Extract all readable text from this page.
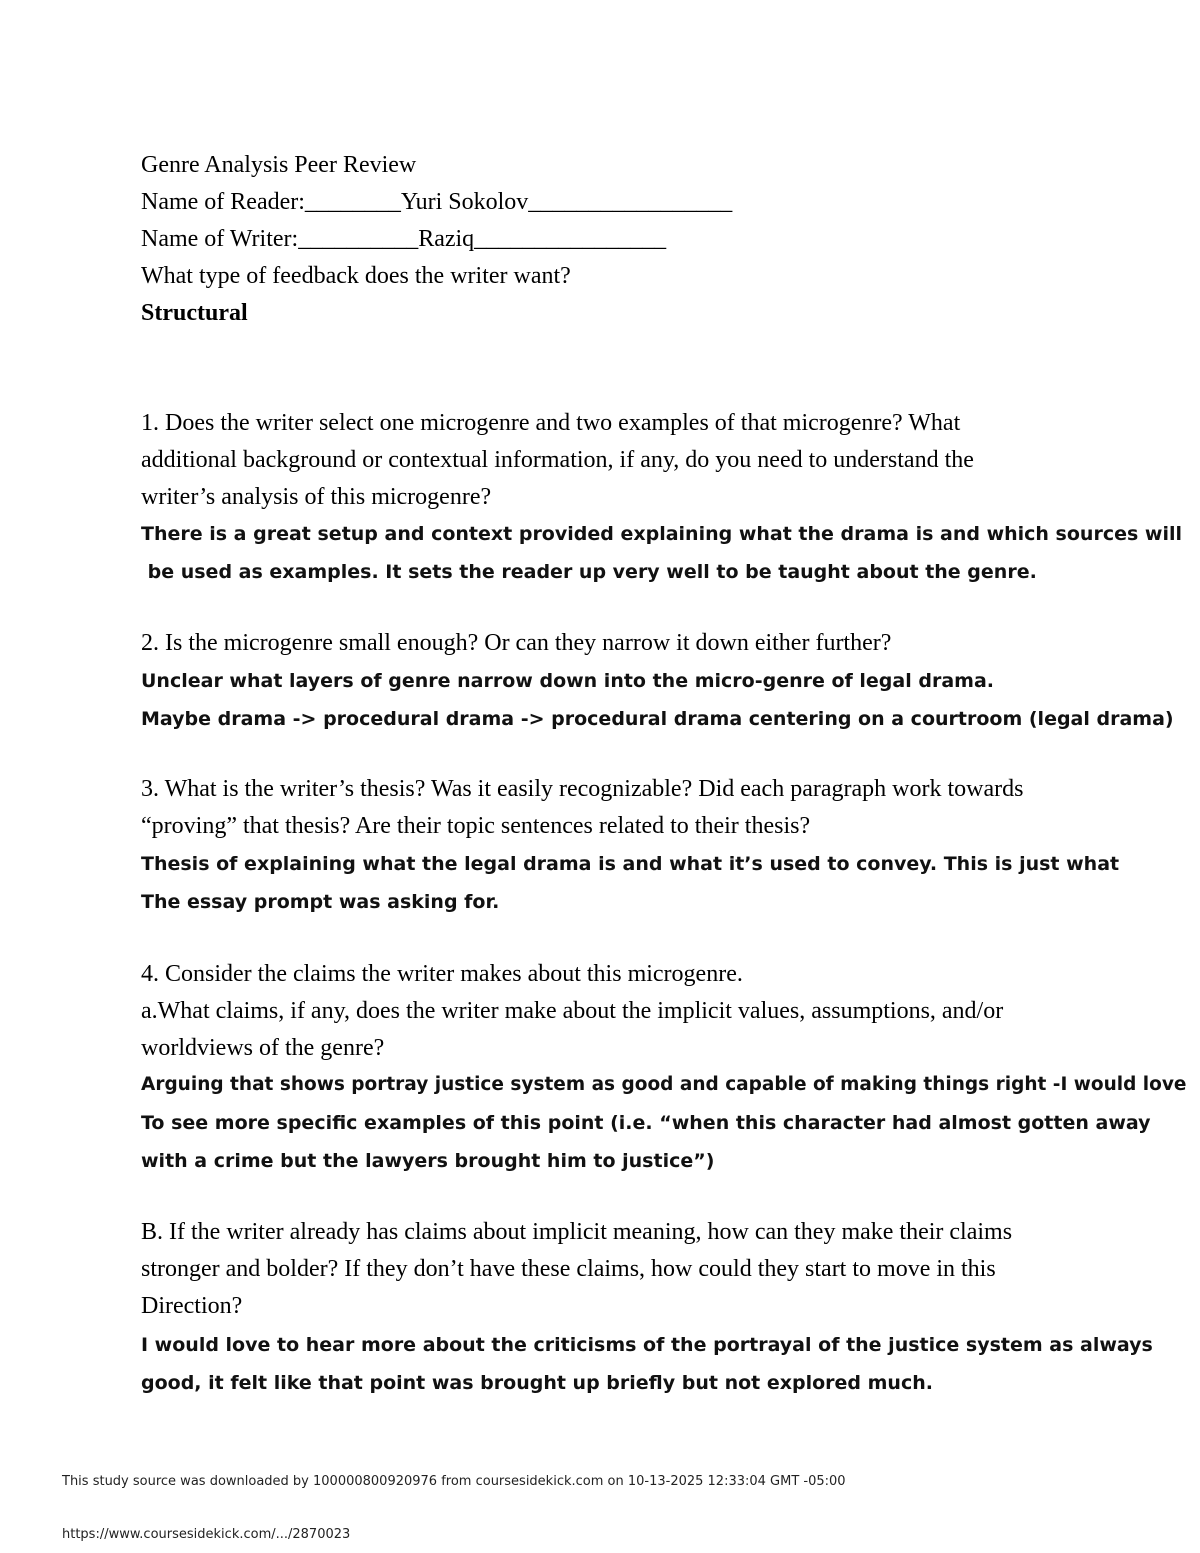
Genre Analysis Peer Review
Name of Reader:________Yuri Sokolov_________________
Name of Writer:__________Raziq________________
What type of feedback does the writer want?
Structural
1. Does the writer select one microgenre and two examples of that microgenre? What
additional background or contextual information, if any, do you need to understand the
writer’s analysis of this microgenre?
There is a great setup and context provided explaining what the drama is and which sources will
be used as examples. It sets the reader up very well to be taught about the genre.
2. Is the microgenre small enough? Or can they narrow it down either further?
Unclear what layers of genre narrow down into the micro-genre of legal drama.
Maybe drama -> procedural drama -> procedural drama centering on a courtroom (legal drama)
3. What is the writer’s thesis? Was it easily recognizable? Did each paragraph work towards
“proving” that thesis? Are their topic sentences related to their thesis?
Thesis of explaining what the legal drama is and what it’s used to convey. This is just what
The essay prompt was asking for.
4. Consider the claims the writer makes about this microgenre.
a.What claims, if any, does the writer make about the implicit values, assumptions, and/or
worldviews of the genre?
Arguing that shows portray justice system as good and capable of making things right -I would love
To see more specific examples of this point (i.e. “when this character had almost gotten away
with a crime but the lawyers brought him to justice”)
B. If the writer already has claims about implicit meaning, how can they make their claims
stronger and bolder? If they don’t have these claims, how could they start to move in this
Direction?
I would love to hear more about the criticisms of the portrayal of the justice system as always
good, it felt like that point was brought up briefly but not explored much.
This study source was downloaded by 100000800920976 from coursesidekick.com on 10-13-2025 12:33:04 GMT -05:00
https://www.coursesidekick.com/.../2870023
